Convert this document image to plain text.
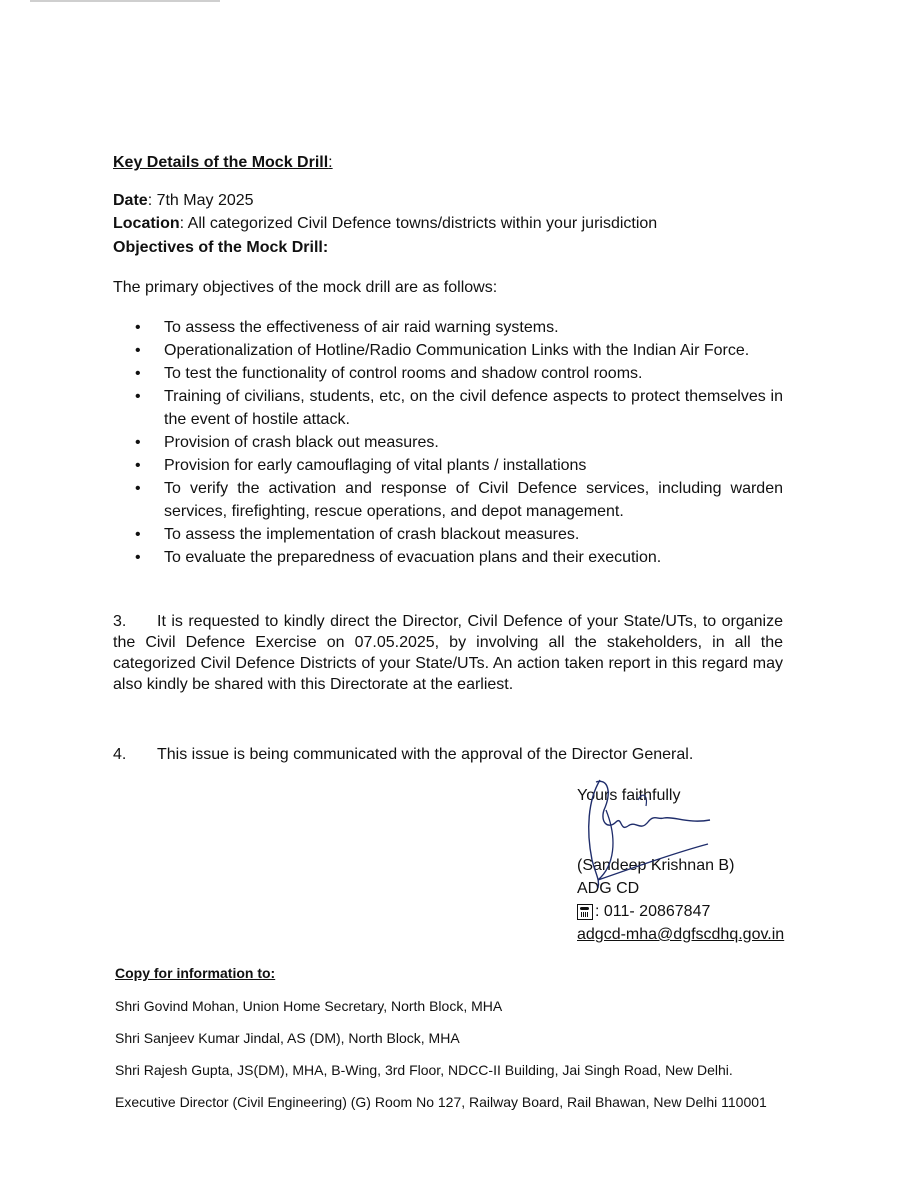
Key Details of the Mock Drill:
Date: 7th May 2025
Location: All categorized Civil Defence towns/districts within your jurisdiction
Objectives of the Mock Drill:
The primary objectives of the mock drill are as follows:
• To assess the effectiveness of air raid warning systems.
• Operationalization of Hotline/Radio Communication Links with the Indian Air Force.
• To test the functionality of control rooms and shadow control rooms.
• Training of civilians, students, etc, on the civil defence aspects to protect themselves in the event of hostile attack.
• Provision of crash black out measures.
• Provision for early camouflaging of vital plants / installations
• To verify the activation and response of Civil Defence services, including warden services, firefighting, rescue operations, and depot management.
• To assess the implementation of crash blackout measures.
• To evaluate the preparedness of evacuation plans and their execution.
3. It is requested to kindly direct the Director, Civil Defence of your State/UTs, to organize the Civil Defence Exercise on 07.05.2025, by involving all the stakeholders, in all the categorized Civil Defence Districts of your State/UTs. An action taken report in this regard may also kindly be shared with this Directorate at the earliest.
4. This issue is being communicated with the approval of the Director General.
Yours faithfully
(Sandeep Krishnan B)
ADG CD
: 011- 20867847
adgcd-mha@dgfscdhq.gov.in
Copy for information to:
Shri Govind Mohan, Union Home Secretary, North Block, MHA
Shri Sanjeev Kumar Jindal, AS (DM), North Block, MHA
Shri Rajesh Gupta, JS(DM), MHA, B-Wing, 3rd Floor, NDCC-II Building, Jai Singh Road, New Delhi.
Executive Director (Civil Engineering) (G) Room No 127, Railway Board, Rail Bhawan, New Delhi 110001
